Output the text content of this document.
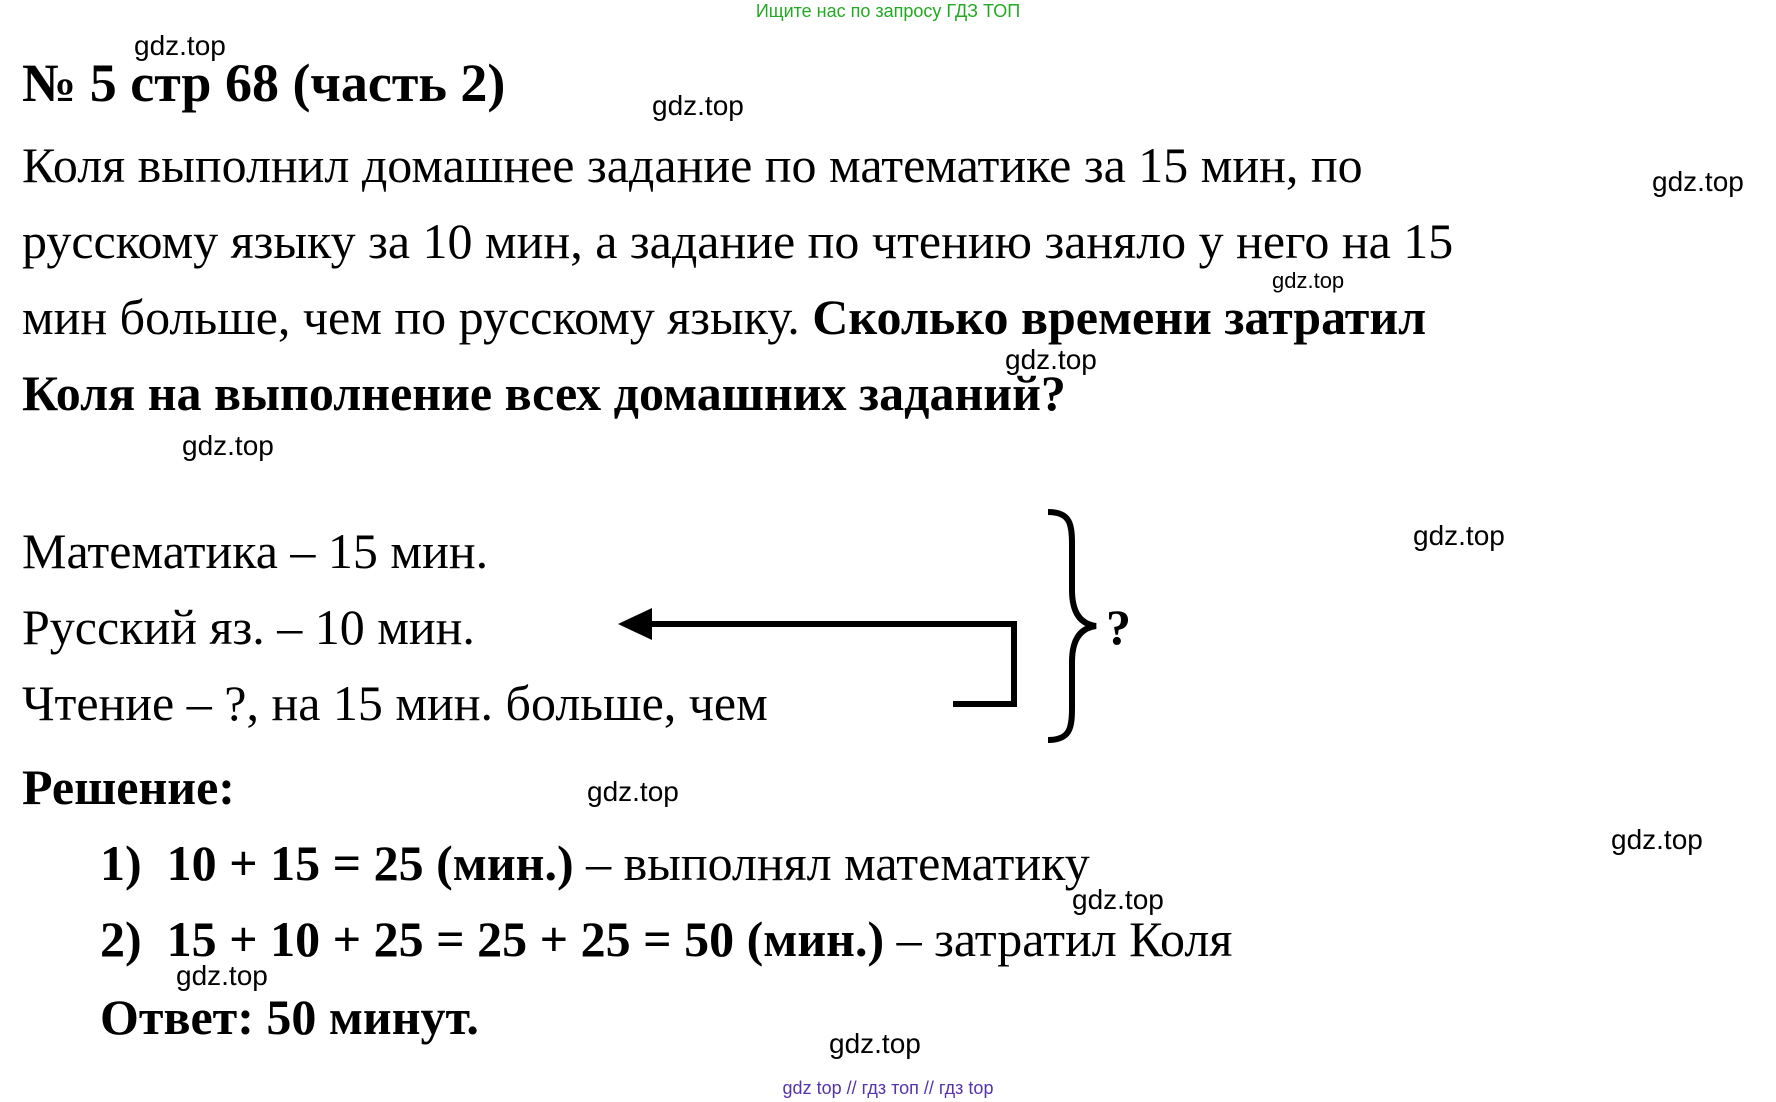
Ищите нас по запросу ГДЗ ТОП
gdz.top
gdz.top
gdz.top
gdz.top
gdz.top
gdz.top
gdz.top
gdz.top
gdz.top
gdz.top
gdz.top
gdz.top
№ 5 стр 68 (часть 2)
Коля выполнил домашнее задание по математике за 15 мин, по
русскому языку за 10 мин, а задание по чтению заняло у него на 15
мин больше, чем по русскому языку. Сколько времени затратил
Коля на выполнение всех домашних заданий?
Математика – 15 мин.
Русский яз. – 10 мин.
Чтение – ?, на 15 мин. больше, чем
?
Решение:
1) 10 + 15 = 25 (мин.) – выполнял математику
2) 15 + 10 + 25 = 25 + 25 = 50 (мин.) – затратил Коля
Ответ: 50 минут.
gdz top // гдз топ // гдз top
